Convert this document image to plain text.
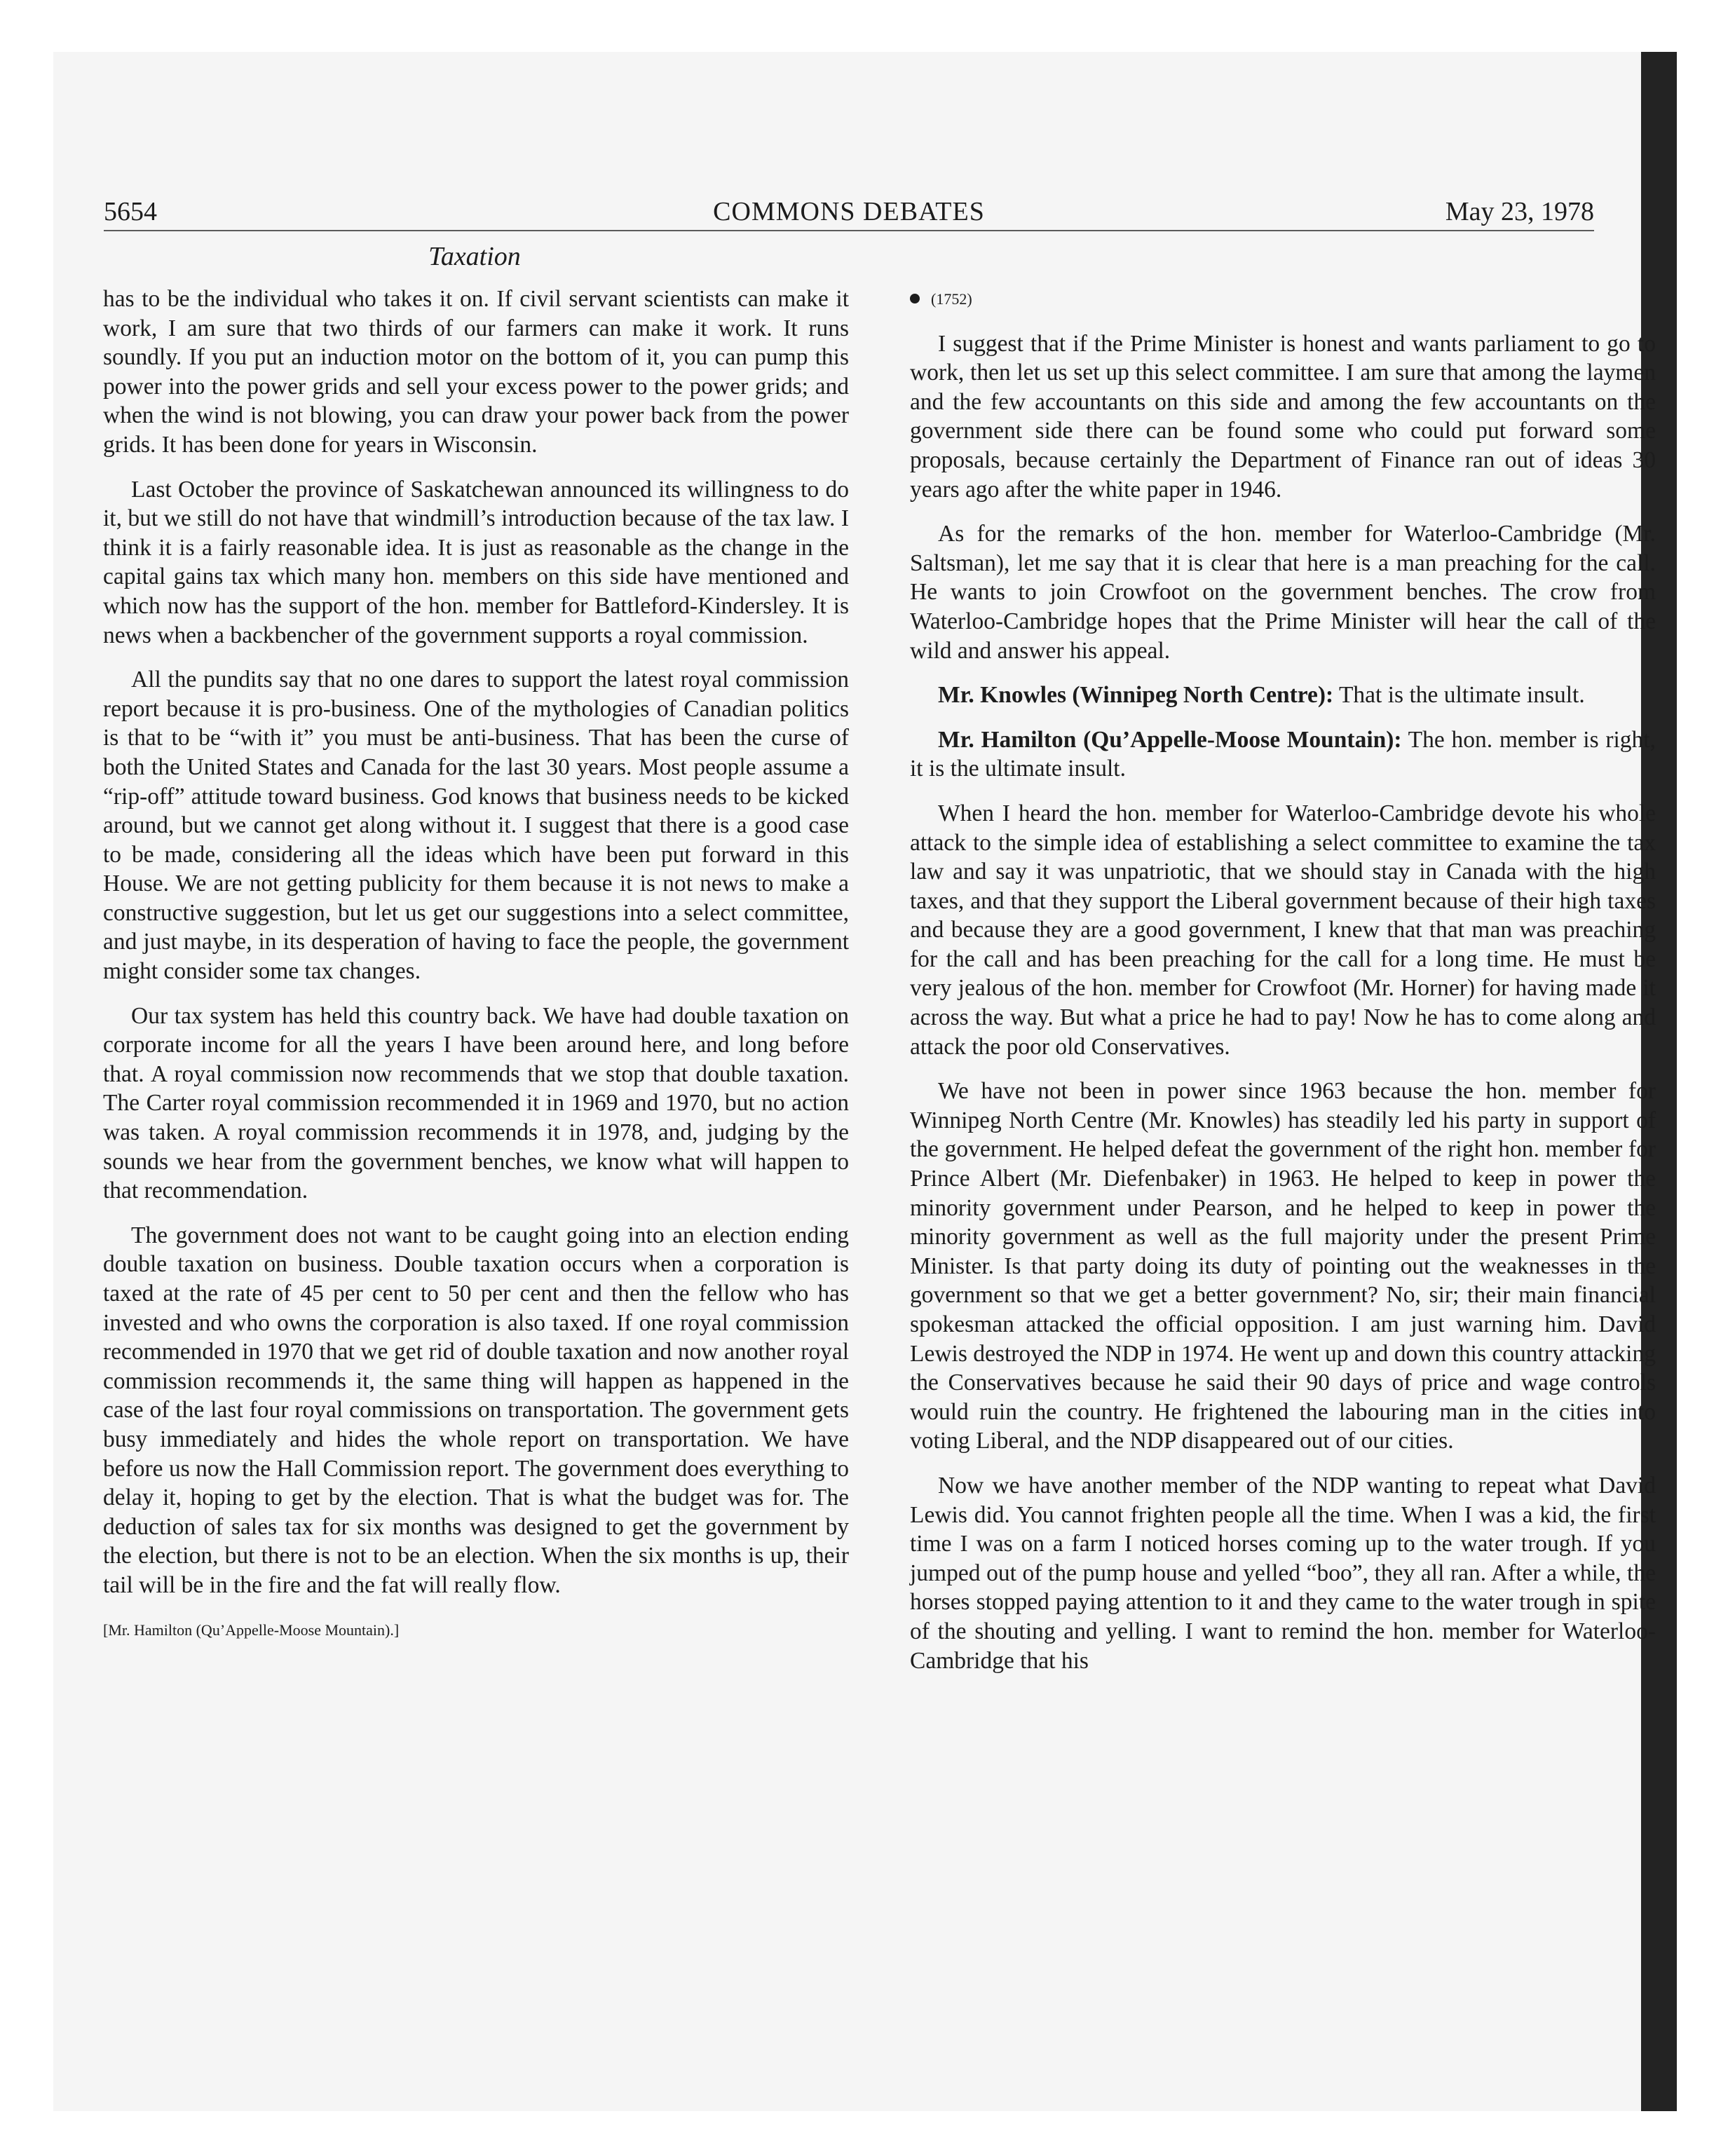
5654	COMMONS DEBATES	May 23, 1978
Taxation

has to be the individual who takes it on. If civil servant scientists can make it work, I am sure that two thirds of our farmers can make it work. It runs soundly. If you put an induction motor on the bottom of it, you can pump this power into the power grids and sell your excess power to the power grids; and when the wind is not blowing, you can draw your power back from the power grids. It has been done for years in Wisconsin.

Last October the province of Saskatchewan announced its willingness to do it, but we still do not have that windmill’s introduction because of the tax law. I think it is a fairly reasonable idea. It is just as reasonable as the change in the capital gains tax which many hon. members on this side have mentioned and which now has the support of the hon. member for Battleford-Kindersley. It is news when a backbencher of the government supports a royal commission.

All the pundits say that no one dares to support the latest royal commission report because it is pro-business. One of the mythologies of Canadian politics is that to be “with it” you must be anti-business. That has been the curse of both the United States and Canada for the last 30 years. Most people assume a “rip-off” attitude toward business. God knows that business needs to be kicked around, but we cannot get along without it. I suggest that there is a good case to be made, considering all the ideas which have been put forward in this House. We are not getting publicity for them because it is not news to make a constructive suggestion, but let us get our suggestions into a select committee, and just maybe, in its desperation of having to face the people, the government might consider some tax changes.

Our tax system has held this country back. We have had double taxation on corporate income for all the years I have been around here, and long before that. A royal commission now recommends that we stop that double taxation. The Carter royal commission recommended it in 1969 and 1970, but no action was taken. A royal commission recommends it in 1978, and, judging by the sounds we hear from the government benches, we know what will happen to that recommendation.

The government does not want to be caught going into an election ending double taxation on business. Double taxation occurs when a corporation is taxed at the rate of 45 per cent to 50 per cent and then the fellow who has invested and who owns the corporation is also taxed. If one royal commission recommended in 1970 that we get rid of double taxation and now another royal commission recommends it, the same thing will happen as happened in the case of the last four royal commissions on transportation. The government gets busy immediately and hides the whole report on transportation. We have before us now the Hall Commission report. The government does everything to delay it, hoping to get by the election. That is what the budget was for. The deduction of sales tax for six months was designed to get the government by the election, but there is not to be an election. When the six months is up, their tail will be in the fire and the fat will really flow.

[Mr. Hamilton (Qu’Appelle-Moose Mountain).]

(1752)

I suggest that if the Prime Minister is honest and wants parliament to go to work, then let us set up this select committee. I am sure that among the laymen and the few accountants on this side and among the few accountants on the government side there can be found some who could put forward some proposals, because certainly the Department of Finance ran out of ideas 30 years ago after the white paper in 1946.

As for the remarks of the hon. member for Waterloo-Cambridge (Mr. Saltsman), let me say that it is clear that here is a man preaching for the call. He wants to join Crowfoot on the government benches. The crow from Waterloo-Cambridge hopes that the Prime Minister will hear the call of the wild and answer his appeal.

Mr. Knowles (Winnipeg North Centre): That is the ultimate insult.

Mr. Hamilton (Qu’Appelle-Moose Mountain): The hon. member is right, it is the ultimate insult.

When I heard the hon. member for Waterloo-Cambridge devote his whole attack to the simple idea of establishing a select committee to examine the tax law and say it was unpatriotic, that we should stay in Canada with the high taxes, and that they support the Liberal government because of their high taxes and because they are a good government, I knew that that man was preaching for the call and has been preaching for the call for a long time. He must be very jealous of the hon. member for Crowfoot (Mr. Horner) for having made it across the way. But what a price he had to pay! Now he has to come along and attack the poor old Conservatives.

We have not been in power since 1963 because the hon. member for Winnipeg North Centre (Mr. Knowles) has steadily led his party in support of the government. He helped defeat the government of the right hon. member for Prince Albert (Mr. Diefenbaker) in 1963. He helped to keep in power the minority government under Pearson, and he helped to keep in power the minority government as well as the full majority under the present Prime Minister. Is that party doing its duty of pointing out the weaknesses in the government so that we get a better government? No, sir; their main financial spokesman attacked the official opposition. I am just warning him. David Lewis destroyed the NDP in 1974. He went up and down this country attacking the Conservatives because he said their 90 days of price and wage controls would ruin the country. He frightened the labouring man in the cities into voting Liberal, and the NDP disappeared out of our cities.

Now we have another member of the NDP wanting to repeat what David Lewis did. You cannot frighten people all the time. When I was a kid, the first time I was on a farm I noticed horses coming up to the water trough. If you jumped out of the pump house and yelled “boo”, they all ran. After a while, the horses stopped paying attention to it and they came to the water trough in spite of the shouting and yelling. I want to remind the hon. member for Waterloo-Cambridge that his
